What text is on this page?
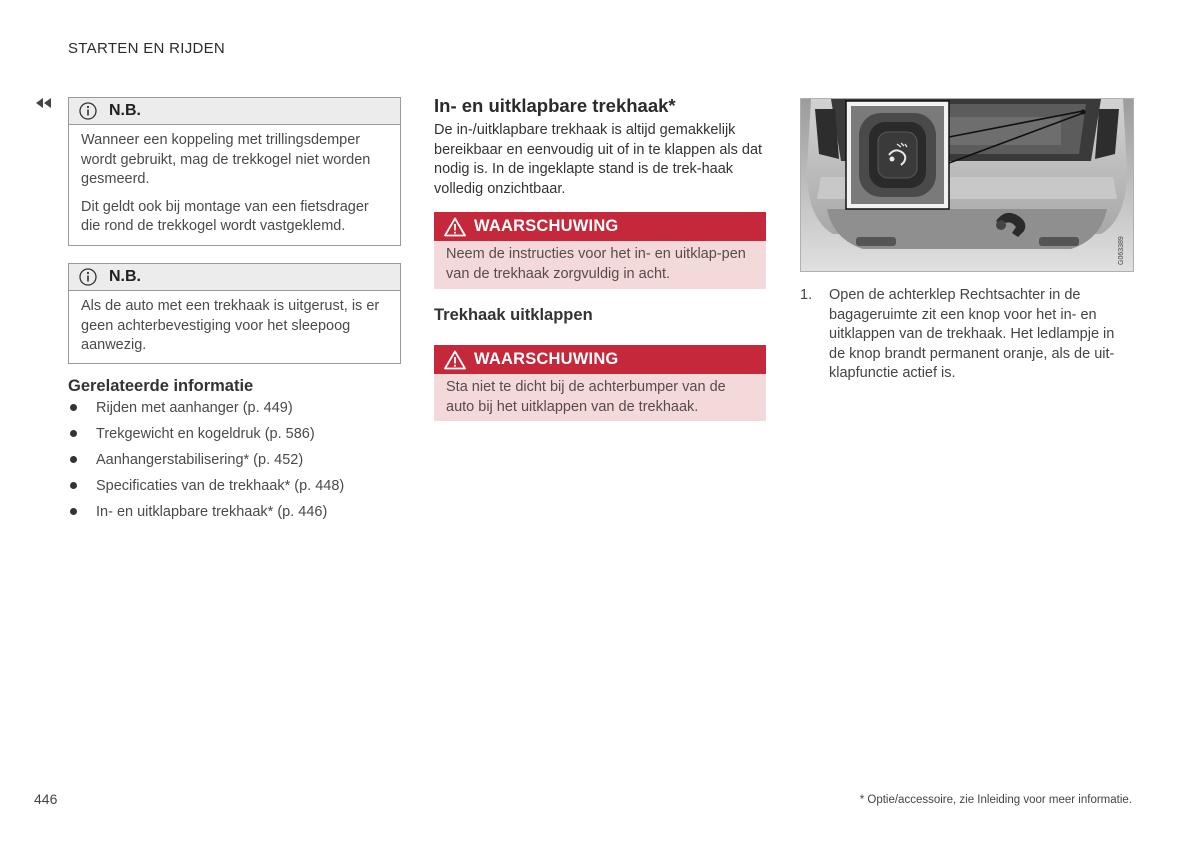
STARTEN EN RIJDEN
N.B.

Wanneer een koppeling met trillingsdemper wordt gebruikt, mag de trekkogel niet worden gesmeerd.

Dit geldt ook bij montage van een fietsdrager die rond de trekkogel wordt vastgeklemd.

N.B.

Als de auto met een trekhaak is uitgerust, is er geen achterbevestiging voor het sleepoog aanwezig.

Gerelateerde informatie
Rijden met aanhanger (p. 449)
Trekgewicht en kogeldruk (p. 586)
Aanhangerstabilisering* (p. 452)
Specificaties van de trekhaak* (p. 448)
In- en uitklapbare trekhaak* (p. 446)
In- en uitklapbare trekhaak*
De in-/uitklapbare trekhaak is altijd gemakkelijk bereikbaar en eenvoudig uit of in te klappen als dat nodig is. In de ingeklapte stand is de trek-haak volledig onzichtbaar.
WAARSCHUWING
Neem de instructies voor het in- en uitklap-pen van de trekhaak zorgvuldig in acht.
Trekhaak uitklappen
WAARSCHUWING
Sta niet te dicht bij de achterbumper van de auto bij het uitklappen van de trekhaak.
G063389
1. Open de achterklep Rechtsachter in de bagageruimte zit een knop voor het in- en uitklappen van de trekhaak. Het ledlampje in de knop brandt permanent oranje, als de uit-klapfunctie actief is.
446	* Optie/accessoire, zie Inleiding voor meer informatie.
